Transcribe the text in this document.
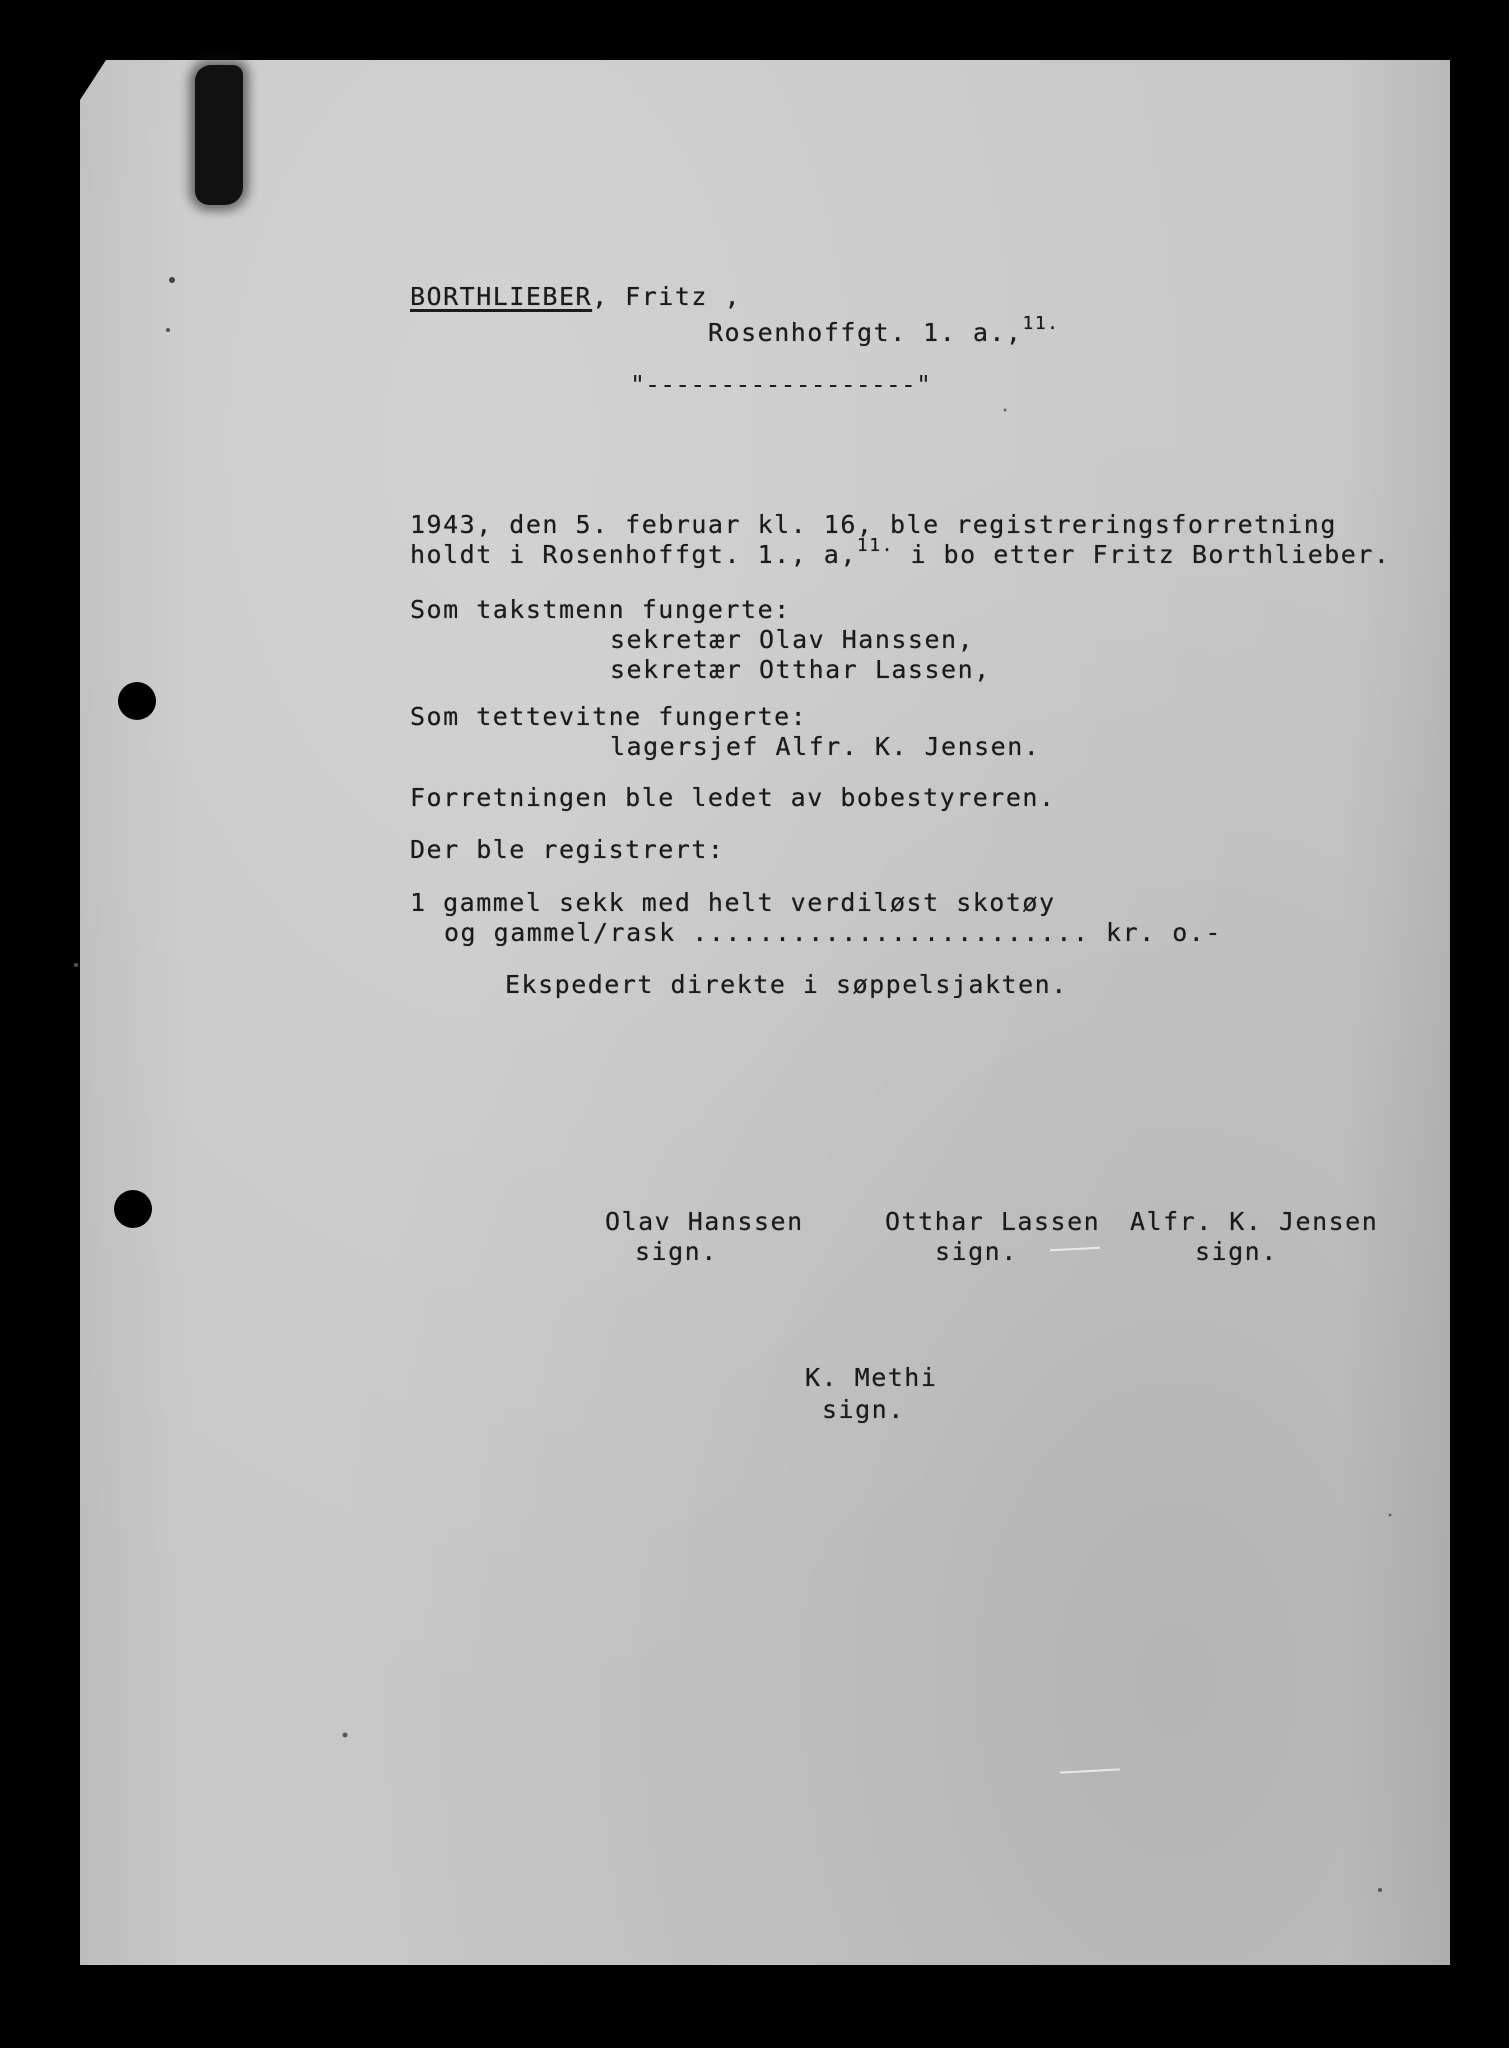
BORTHLIEBER, Fritz ,
Rosenhoffgt. 1. a.,$^{11.}$
"------------------"
1943, den 5. februar kl. 16, ble registreringsforretning
holdt i Rosenhoffgt. 1., a,$^{11.}$ i bo etter Fritz Borthlieber.
Som takstmenn fungerte:
sekretær Olav Hanssen,
sekretær Otthar Lassen,
Som tettevitne fungerte:
lagersjef Alfr. K. Jensen.
Forretningen ble ledet av bobestyreren.
Der ble registrert:
1 gammel sekk med helt verdiløst skotøy
og gammel/rask ........................ kr. o.-
Ekspedert direkte i søppelsjakten.
Olav Hanssen
sign.
Otthar Lassen
sign.
Alfr. K. Jensen
sign.
K. Methi
sign.
